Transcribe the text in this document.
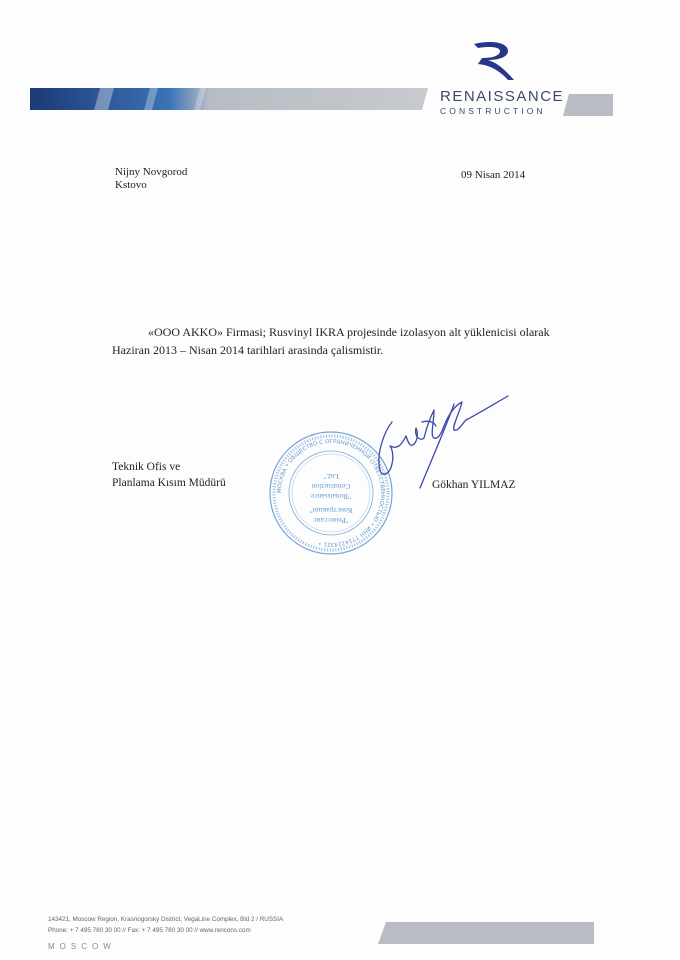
RENAISSANCE
CONSTRUCTION
Nijny Novgorod
Kstovo
09 Nisan 2014
«OOO AKKO» Firmasi; Rusvinyl IKRA projesinde izolasyon alt yüklenicisi olarak Haziran 2013 – Nisan 2014 tarihlari arasinda çalismistir.
Teknik Ofis ve
Planlama Kısım Müdürü
МОСКВА • ОБЩЕСТВО С ОГРАНИЧЕННОЙ ОТВЕТСТВЕННОСТЬЮ • ИНН 7714224321 •
Ltd."
Construction
"Renaissance
Констракшн"
"Ренессанс
Gökhan YILMAZ
143421, Moscow Region, Krasnogorsky District, VegaLine Complex, Bld 2 / RUSSIA
Phone: + 7 495 780 30 00 // Fax: + 7 495 780 30 00 // www.rencons.com
MOSCOW
